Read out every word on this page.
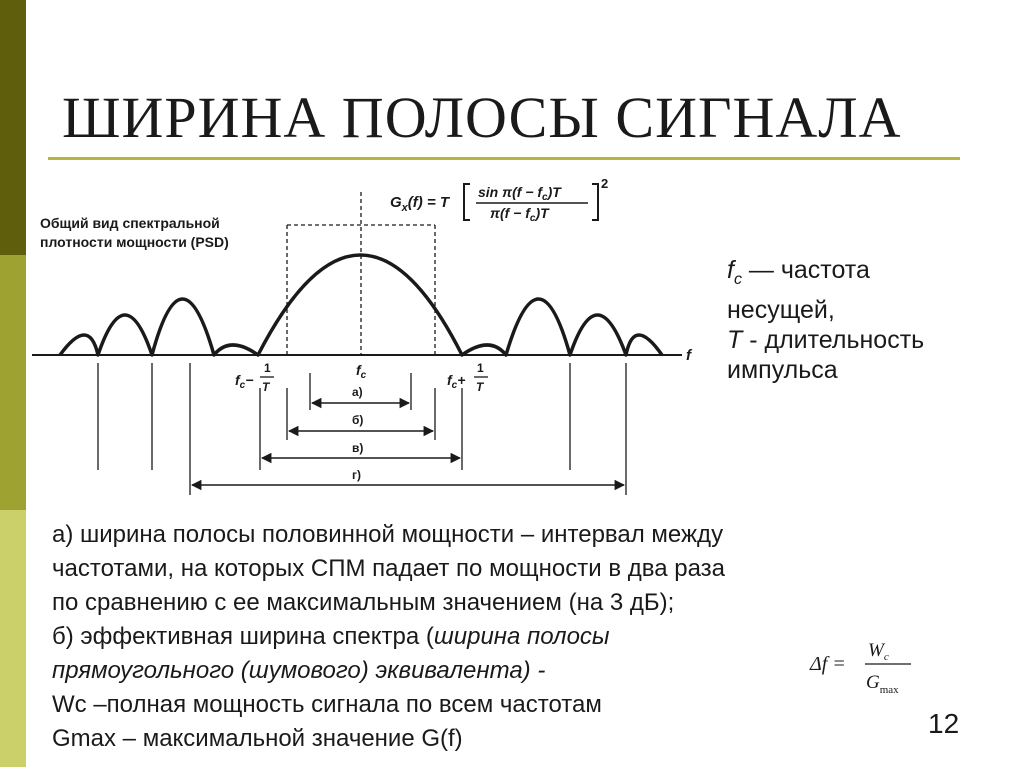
ШИРИНА ПОЛОСЫ СИГНАЛА
Общий вид спектральной
плотности мощности (PSD)
$G_x(f) = T$
$\sin \pi(f - f_c)T$
$\pi(f - f_c)T$
2
f
$f_c$
$f_c-$
1
T	$f_c+$
1
T
а)
б)
в)
г)
$f_c$ — частота
несущей,
T - длительность
импульса
а) ширина полосы половинной мощности – интервал между
частотами, на которых СПМ падает по мощности в два раза
по сравнению с ее максимальным значением (на 3 дБ);
б) эффективная ширина спектра (ширина полосы
прямоугольного (шумового) эквивалента) -
Wc –полная мощность сигнала по всем частотам
Gmax – максимальной значение G(f)
Δf =
$W_c$
$G_{max}$
12
